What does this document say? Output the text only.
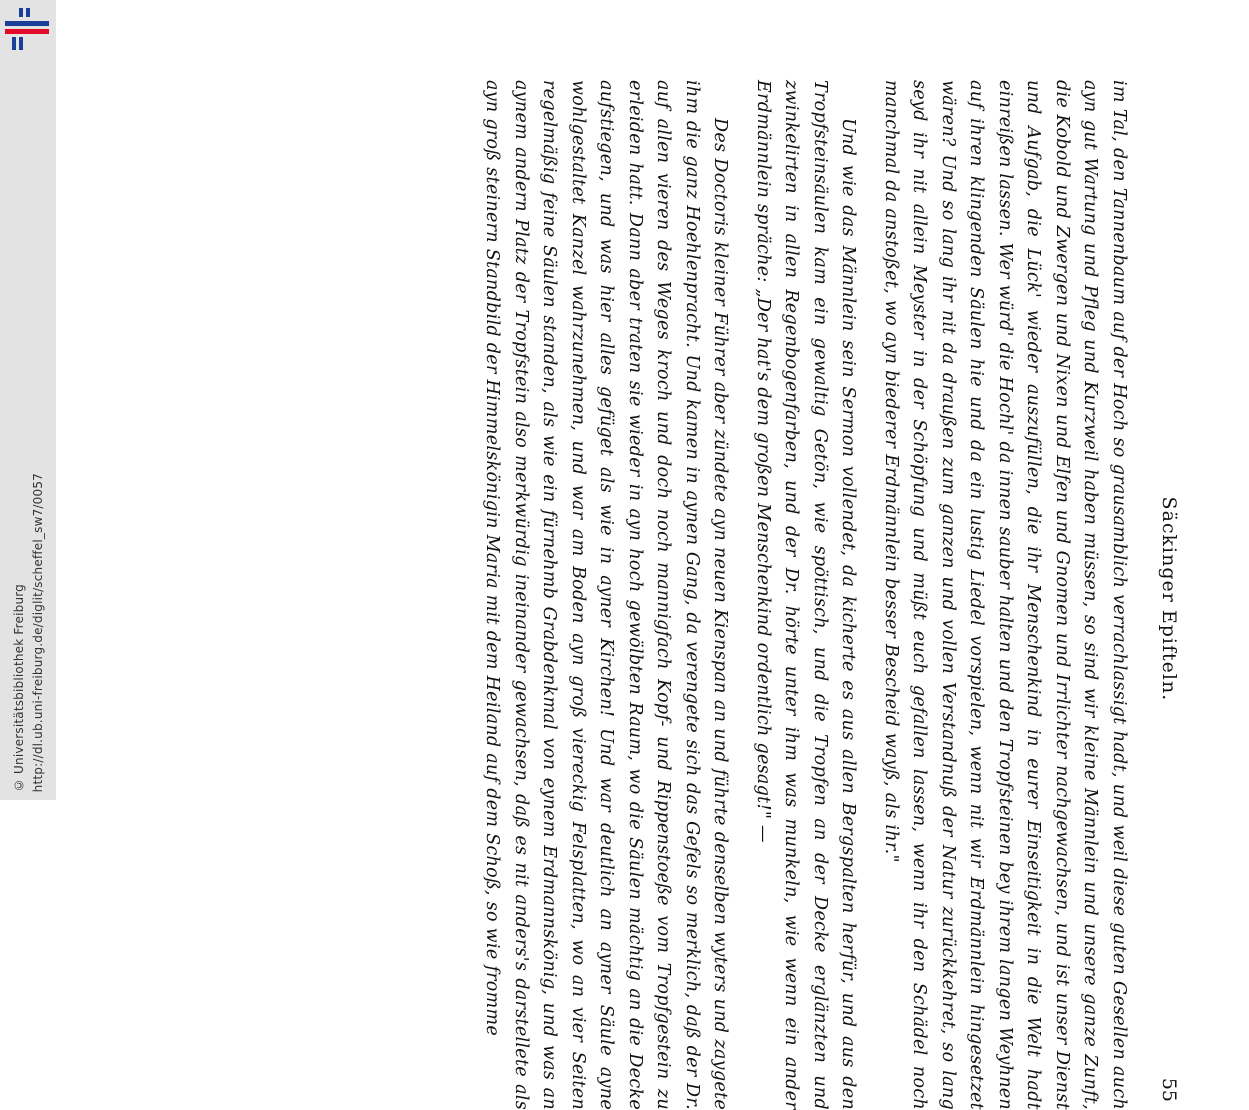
http://dl.ub.uni-freiburg.de/diglit/scheffel_sw7/0057
© Universitätsbibliothek Freiburg	Säckinger Epifteln.
55

im Tal, den Tannenbaum auf der Hoch so grausamblich verrachlassigt hadt, und weil diese guten Gesellen auch ayn gut Wartung und Pfleg und Kurzweil haben müssen, so sind wir kleine Männlein und unsere ganze Zunft, die Kobold und Zwergen und Nixen und Elfen und Gnomen und Irrlichter nachgewachsen, und ist unser Dienst und Aufgab, die Lück' wieder auszufüllen, die ihr Menschenkind in eurer Einseitigkeit in die Welt hadt einreißen lassen. Wer würd' die Hochl' da innen sauber halten und den Tropfsteinen bey ihrem langen Weyhnen auf ihren klingenden Säulen hie und da ein lustig Liedel vorspielen, wenn nit wir Erdmännlein hingesetzet wären? Und so lang ihr nit da draußen zum ganzen und vollen Verstandnuß der Natur zurückkehret, so lang seyd ihr nit allein Meyster in der Schöpfung und müßt euch gefallen lassen, wenn ihr den Schädel noch manchmal da anstoßet, wo ayn biederer Erdmännlein besser Bescheid wayß, als ihr."

Und wie das Männlein sein Sermon vollendet, da kicherte es aus allen Bergspalten herfür, und aus den Tropfsteinsäulen kam ein gewaltig Getön, wie spöttisch, und die Tropfen an der Decke erglänzten und zwinkelirten in allen Regenbogenfarben, und der Dr. hörte unter ihm was munkeln, wie wenn ein ander Erdmännlein spräche: „Der hat's dem großen Menschenkind ordentlich gesagt!" —

Des Doctoris kleiner Führer aber zündete ayn neuen Kienspan an und führte denselben wyters und zaygete ihm die ganz Hoehlenpracht. Und kamen in aynen Gang, da verengete sich das Gefels so merklich, daß der Dr. auf allen vieren des Weges kroch und doch noch mannigfach Kopf- und Rippenstoeße vom Tropfgestein zu erleiden hatt. Dann aber traten sie wieder in ayn hoch gewölbten Raum, wo die Säulen mächtig an die Decke aufstiegen, und was hier alles gefüget als wie in ayner Kirchen! Und war deutlich an ayner Säule ayne wohlgestaltet Kanzel wahrzunehmen, und war am Boden ayn groß viereckig Felsplatten, wo an vier Seiten regelmäßig feine Säulen standen, als wie ein fürnehmb Grabdenkmal von eynem Erdmannskönig, und was an aynem andern Platz der Tropfstein also merkwürdig ineinander gewachsen, daß es nit anders's darstellete als ayn groß steinern Standbild der Himmelskönigin Maria mit dem Heiland auf dem Schoß, so wie fromme
